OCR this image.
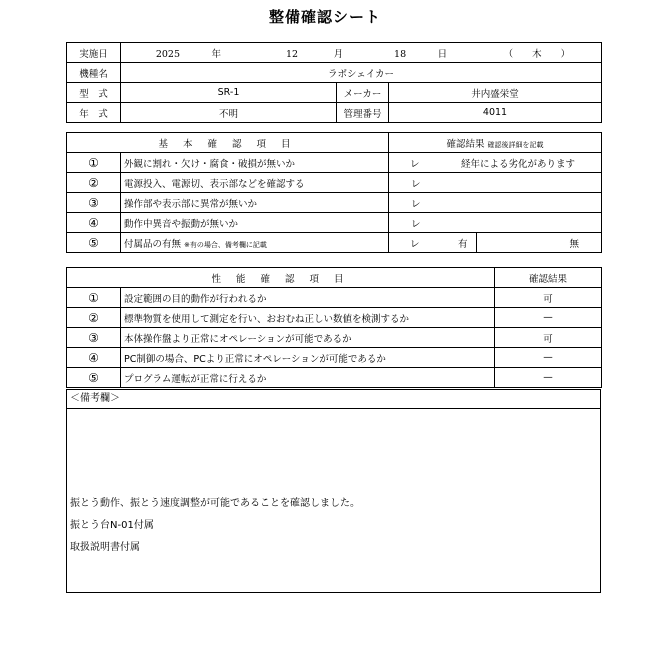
整備確認シート
実施日	2025 年 12 月 18 日 （　　木　　）		
機種名	ラボシェイカー		
型　式	SR-1	メーカー	井内盛栄堂
年　式	不明	管理番号	4011
基 本 確 認 項 目		確認結果 確認後詳細を記載	
①	外観に割れ・欠け・腐食・破損が無いか	レ 経年による劣化があります	
②	電源投入、電源切、表示部などを確認する	レ	
③	操作部や表示部に異常が無いか	レ	
④	動作中異音や振動が無いか	レ	
⑤	付属品の有無 ※有の場合、備考欄に記載	レ 有	無
性 能 確 認 項 目		確認結果
①	設定範囲の目的動作が行われるか	可
②	標準物質を使用して測定を行い、おおむね正しい数値を検測するか	—
③	本体操作盤より正常にオペレーションが可能であるか	可
④	PC制御の場合、PCより正常にオペレーションが可能であるか	—
⑤	プログラム運転が正常に行えるか	—
＜備考欄＞
振とう動作、振とう速度調整が可能であることを確認しました。
振とう台N-01付属
取扱説明書付属
